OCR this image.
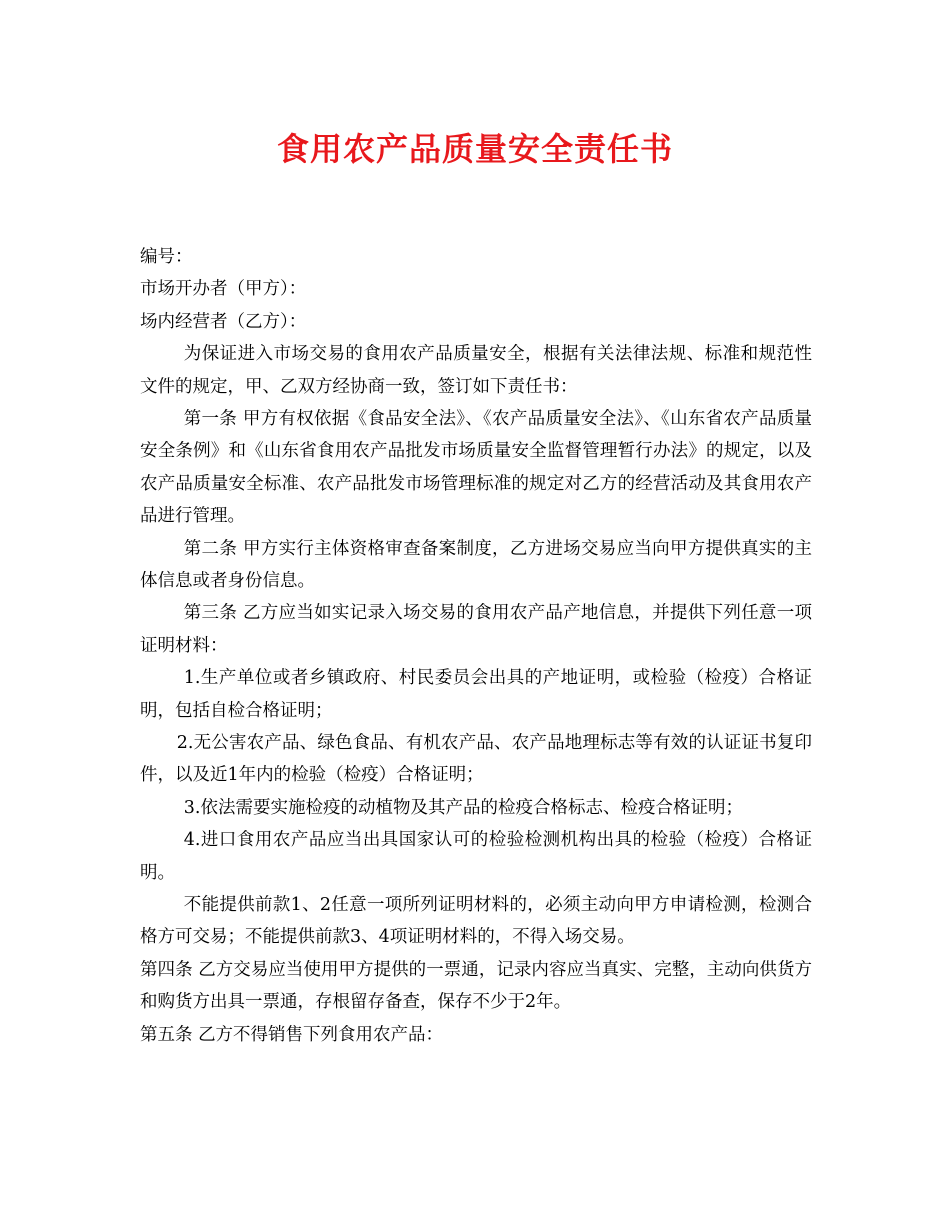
食用农产品质量安全责任书
编号：
市场开办者（甲方）：
场内经营者（乙方）：

为保证进入市场交易的食用农产品质量安全，根据有关法律法规、标准和规范性文件的规定，甲、乙双方经协商一致，签订如下责任书：

第一条 甲方有权依据《食品安全法》、《农产品质量安全法》、《山东省农产品质量安全条例》和《山东省食用农产品批发市场质量安全监督管理暂行办法》的规定，以及农产品质量安全标准、农产品批发市场管理标准的规定对乙方的经营活动及其食用农产品进行管理。

第二条 甲方实行主体资格审查备案制度，乙方进场交易应当向甲方提供真实的主体信息或者身份信息。

第三条 乙方应当如实记录入场交易的食用农产品产地信息，并提供下列任意一项证明材料：

1.生产单位或者乡镇政府、村民委员会出具的产地证明，或检验（检疫）合格证明，包括自检合格证明；

2.无公害农产品、绿色食品、有机农产品、农产品地理标志等有效的认证证书复印件，以及近1年内的检验（检疫）合格证明；

3.依法需要实施检疫的动植物及其产品的检疫合格标志、检疫合格证明；

4.进口食用农产品应当出具国家认可的检验检测机构出具的检验（检疫）合格证明。

不能提供前款1、2任意一项所列证明材料的，必须主动向甲方申请检测，检测合格方可交易；不能提供前款3、4项证明材料的，不得入场交易。

第四条 乙方交易应当使用甲方提供的一票通，记录内容应当真实、完整，主动向供货方和购货方出具一票通，存根留存备查，保存不少于2年。

第五条 乙方不得销售下列食用农产品：
